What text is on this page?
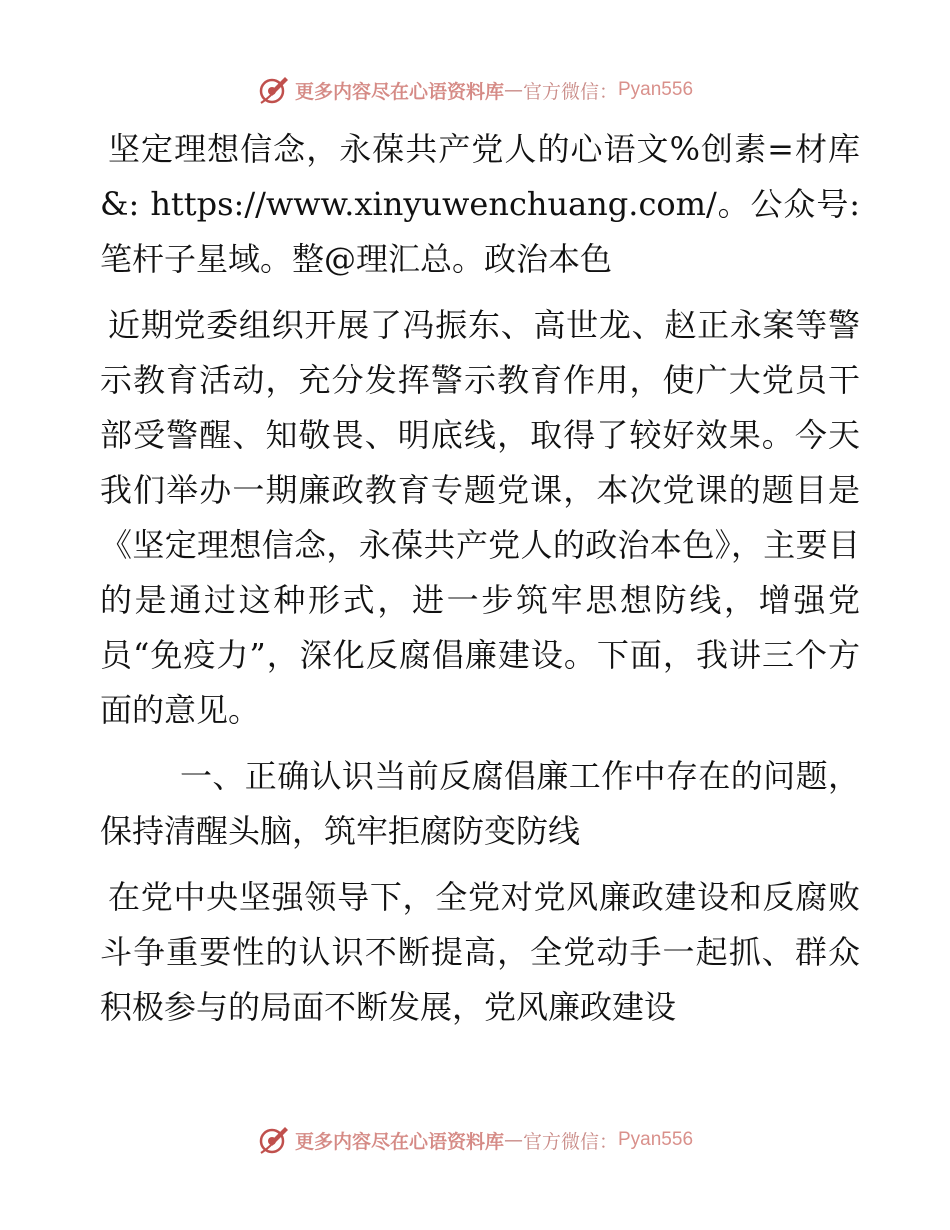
更多内容尽在心语资料库 — 官方微信： Pyan556

坚定理想信念，永葆共产党人的心语文%创素=材库&: https://www.xinyuwenchuang.com/。公众号: 笔杆子星域。整@理汇总。政治本色

近期党委组织开展了冯振东、高世龙、赵正永案等警示教育活动，充分发挥警示教育作用，使广大党员干部受警醒、知敬畏、明底线，取得了较好效果。今天我们举办一期廉政教育专题党课，本次党课的题目是《坚定理想信念，永葆共产党人的政治本色》，主要目的是通过这种形式，进一步筑牢思想防线，增强党员“免疫力”，深化反腐倡廉建设。下面，我讲三个方面的意见。

一、正确认识当前反腐倡廉工作中存在的问题，保持清醒头脑，筑牢拒腐防变防线

在党中央坚强领导下，全党对党风廉政建设和反腐败斗争重要性的认识不断提高，全党动手一起抓、群众积极参与的局面不断发展，党风廉政建设

更多内容尽在心语资料库 — 官方微信： Pyan556
